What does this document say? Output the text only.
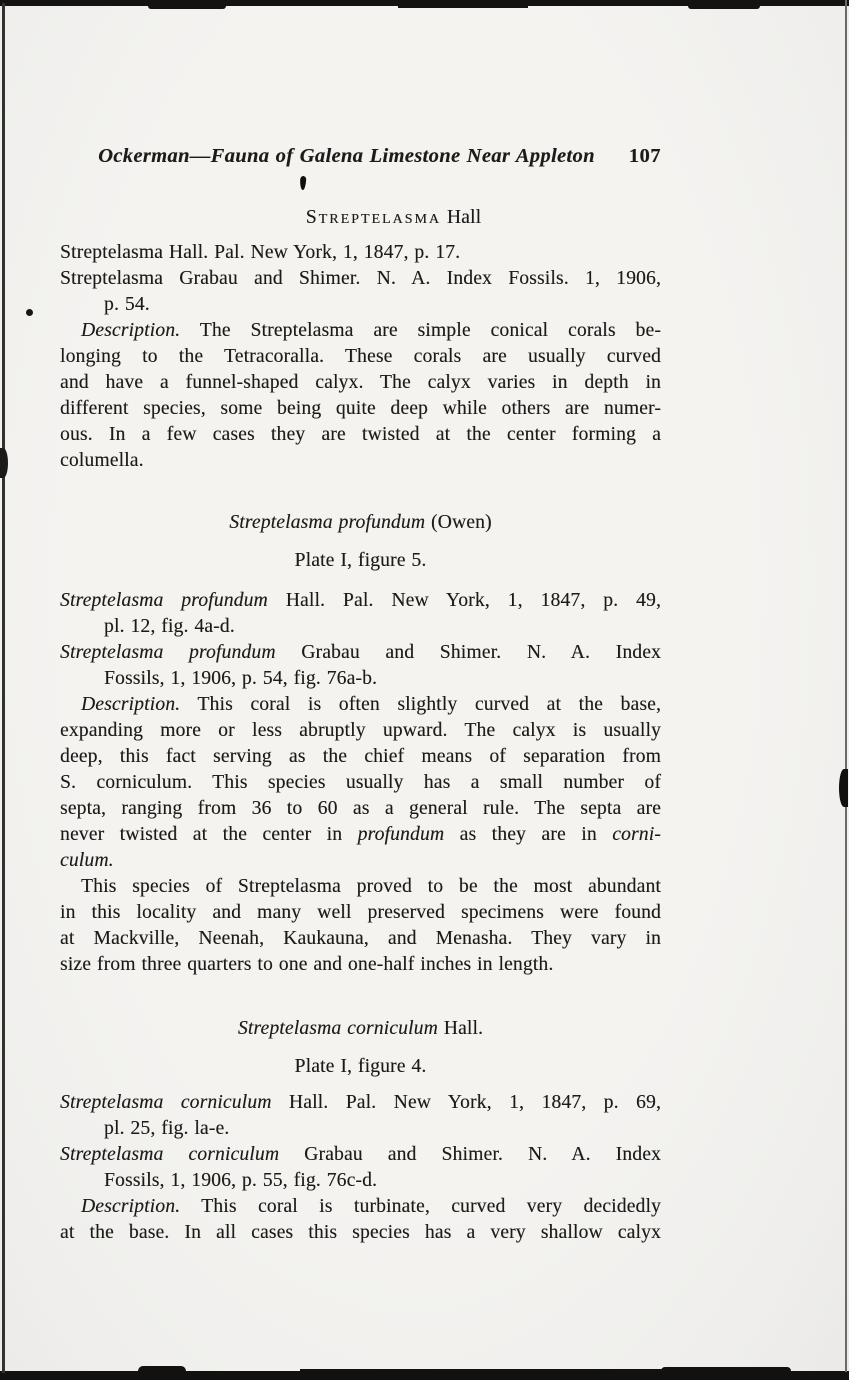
Ockerman—Fauna of Galena Limestone Near Appleton 107
Streptelasma Hall
Streptelasma Hall. Pal. New York, 1, 1847, p. 17.
Streptelasma Grabau and Shimer. N. A. Index Fossils. 1, 1906,
p. 54.
Description. The Streptelasma are simple conical corals be-
longing to the Tetracoralla. These corals are usually curved
and have a funnel-shaped calyx. The calyx varies in depth in
different species, some being quite deep while others are numer-
ous. In a few cases they are twisted at the center forming a
columella.
Streptelasma profundum (Owen)
Plate I, figure 5.
Streptelasma profundum Hall. Pal. New York, 1, 1847, p. 49,
pl. 12, fig. 4a-d.
Streptelasma profundum Grabau and Shimer. N. A. Index
Fossils, 1, 1906, p. 54, fig. 76a-b.
Description. This coral is often slightly curved at the base,
expanding more or less abruptly upward. The calyx is usually
deep, this fact serving as the chief means of separation from
S. corniculum. This species usually has a small number of
septa, ranging from 36 to 60 as a general rule. The septa are
never twisted at the center in profundum as they are in corni-
culum.
This species of Streptelasma proved to be the most abundant
in this locality and many well preserved specimens were found
at Mackville, Neenah, Kaukauna, and Menasha. They vary in
size from three quarters to one and one-half inches in length.
Streptelasma corniculum Hall.
Plate I, figure 4.
Streptelasma corniculum Hall. Pal. New York, 1, 1847, p. 69,
pl. 25, fig. la-e.
Streptelasma corniculum Grabau and Shimer. N. A. Index
Fossils, 1, 1906, p. 55, fig. 76c-d.
Description. This coral is turbinate, curved very decidedly
at the base. In all cases this species has a very shallow calyx
